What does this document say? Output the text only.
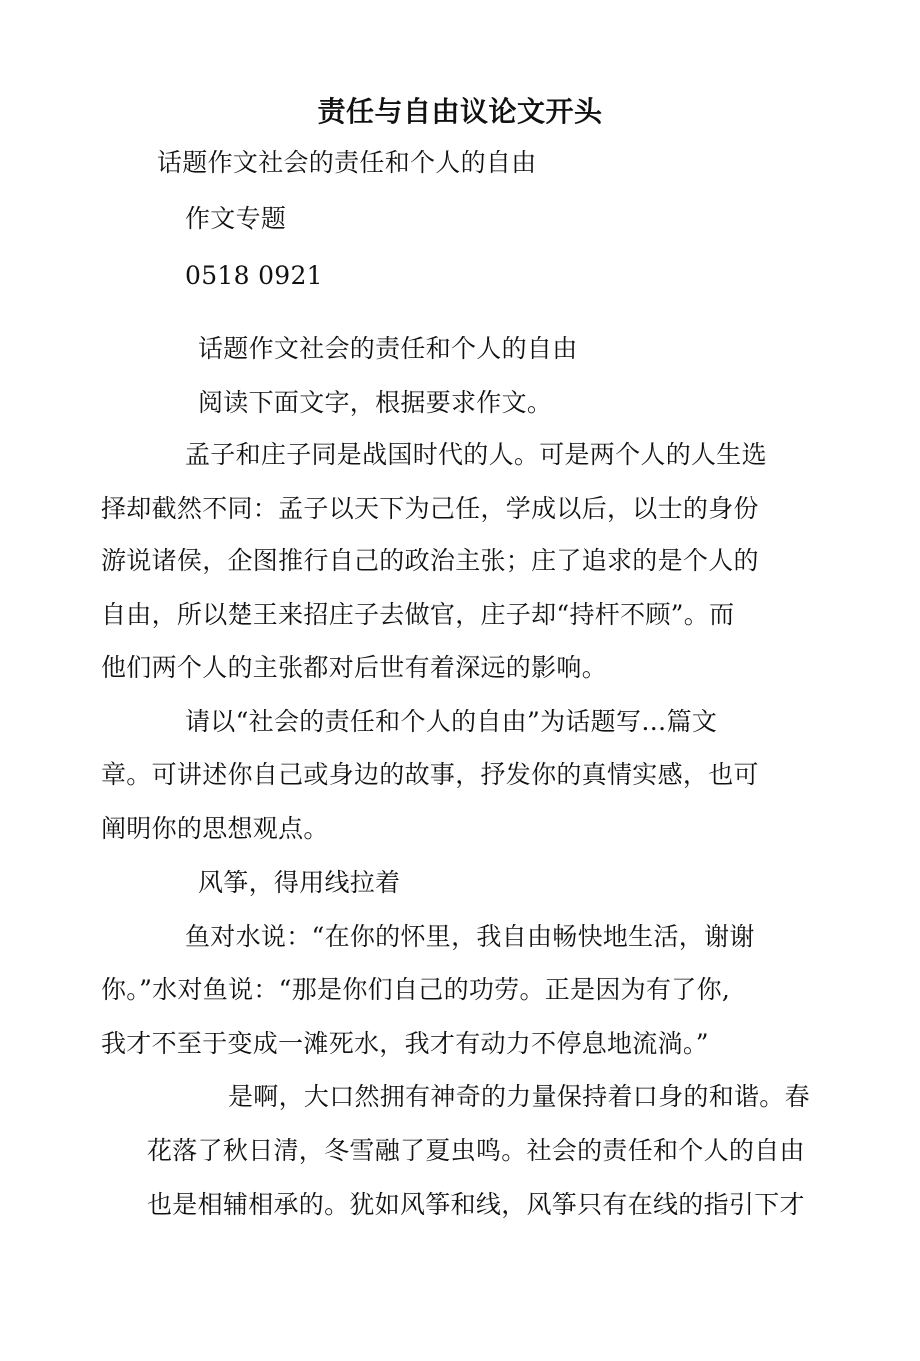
责任与自由议论文开头
话题作文社会的责任和个人的自由
作文专题
0518 0921
话题作文社会的责任和个人的自由
阅读下面文字，根据要求作文。
孟子和庄子同是战国时代的人。可是两个人的人生选
择却截然不同：孟子以天下为己任，学成以后，以士的身份
游说诸侯，企图推行自己的政治主张；庄了追求的是个人的
自由，所以楚王来招庄子去做官，庄子却“持杆不顾”。而
他们两个人的主张都对后世有着深远的影响。
请以“社会的责任和个人的自由”为话题写…篇文
章。可讲述你自己或身边的故事，抒发你的真情实感，也可
阐明你的思想观点。
风筝，得用线拉着
鱼对水说：“在你的怀里，我自由畅快地生活，谢谢
你。”水对鱼说：“那是你们自己的功劳。正是因为有了你,
我才不至于变成一滩死水，我才有动力不停息地流淌。”
是啊，大口然拥有神奇的力量保持着口身的和谐。春
花落了秋日清，冬雪融了夏虫鸣。社会的责任和个人的自由
也是相辅相承的。犹如风筝和线，风筝只有在线的指引下才
